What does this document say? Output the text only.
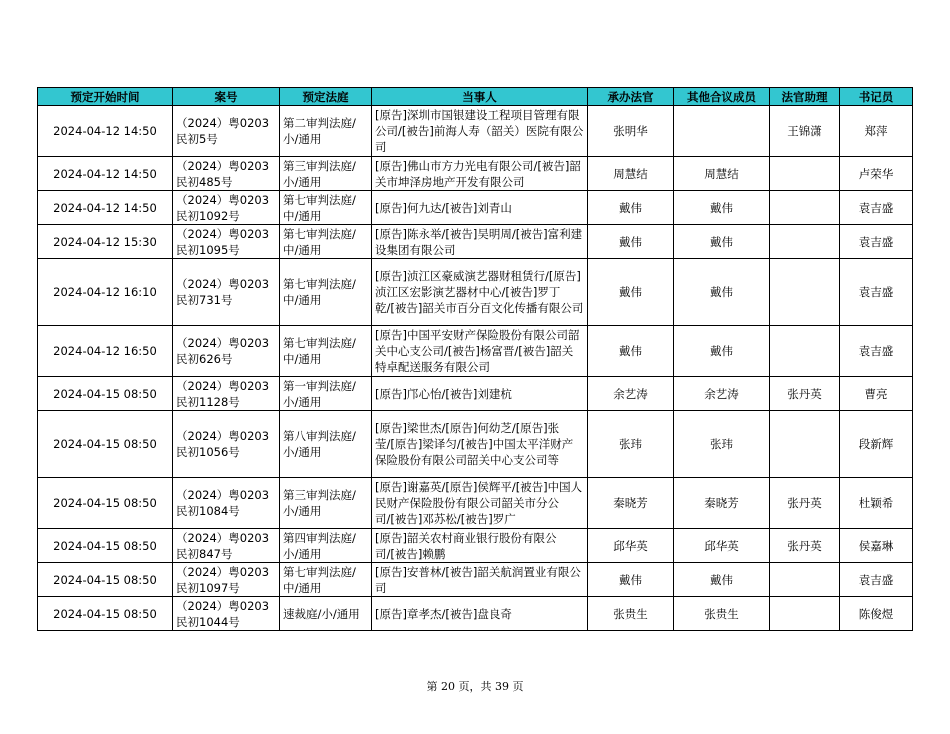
预定开始时间	案号	预定法庭	当事人	承办法官	其他合议成员	法官助理	书记员
2024-04-12 14:50	（2024）粤0203民初5号	第二审判法庭/小/通用	[原告]深圳市国银建设工程项目管理有限公司/[被告]前海人寿（韶关）医院有限公司	张明华		王锦潇	郑萍
2024-04-12 14:50	（2024）粤0203民初485号	第三审判法庭/小/通用	[原告]佛山市方力光电有限公司/[被告]韶关市坤泽房地产开发有限公司	周慧结	周慧结		卢荣华
2024-04-12 14:50	（2024）粤0203民初1092号	第七审判法庭/中/通用	[原告]何九达/[被告]刘青山	戴伟	戴伟		袁吉盛
2024-04-12 15:30	（2024）粤0203民初1095号	第七审判法庭/中/通用	[原告]陈永举/[被告]吴明周/[被告]富利建设集团有限公司	戴伟	戴伟		袁吉盛
2024-04-12 16:10	（2024）粤0203民初731号	第七审判法庭/中/通用	[原告]浈江区豪威演艺器财租赁行/[原告]浈江区宏影演艺器材中心/[被告]罗丁乾/[被告]韶关市百分百文化传播有限公司	戴伟	戴伟		袁吉盛
2024-04-12 16:50	（2024）粤0203民初626号	第七审判法庭/中/通用	[原告]中国平安财产保险股份有限公司韶关中心支公司/[被告]杨富晋/[被告]韶关特卓配送服务有限公司	戴伟	戴伟		袁吉盛
2024-04-15 08:50	（2024）粤0203民初1128号	第一审判法庭/小/通用	[原告]邝心怡/[被告]刘建杭	余艺涛	余艺涛	张丹英	曹亮
2024-04-15 08:50	（2024）粤0203民初1056号	第八审判法庭/小/通用	[原告]梁世杰/[原告]何幼芝/[原告]张莹/[原告]梁译匀/[被告]中国太平洋财产保险股份有限公司韶关中心支公司等	张玮	张玮		段新辉
2024-04-15 08:50	（2024）粤0203民初1084号	第三审判法庭/小/通用	[原告]谢嘉英/[原告]侯辉平/[被告]中国人民财产保险股份有限公司韶关市分公司/[被告]邓苏松/[被告]罗广	秦晓芳	秦晓芳	张丹英	杜颖希
2024-04-15 08:50	（2024）粤0203民初847号	第四审判法庭/小/通用	[原告]韶关农村商业银行股份有限公司/[被告]赖鹏	邱华英	邱华英	张丹英	侯嘉琳
2024-04-15 08:50	（2024）粤0203民初1097号	第七审判法庭/中/通用	[原告]安普林/[被告]韶关航润置业有限公司	戴伟	戴伟		袁吉盛
2024-04-15 08:50	（2024）粤0203民初1044号	速裁庭/小/通用	[原告]章孝杰/[被告]盘良奇	张贵生	张贵生		陈俊煜
第 20 页，共 39 页
